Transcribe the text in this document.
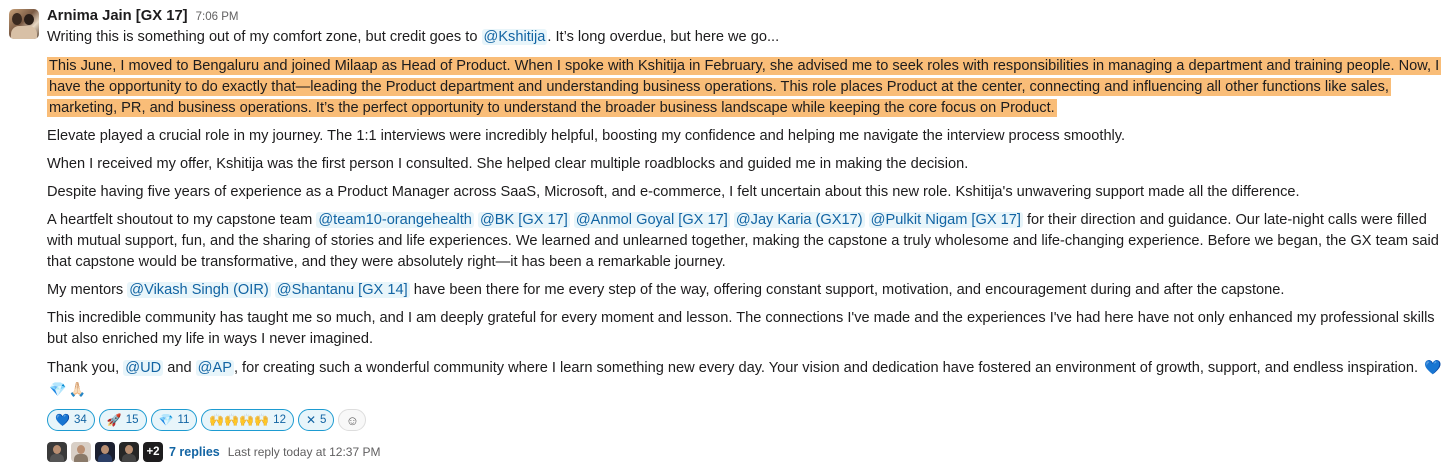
Arnima Jain [GX 17] 7:06 PM

Writing this is something out of my comfort zone, but credit goes to @Kshitija . It’s long overdue, but here we go...

This June, I moved to Bengaluru and joined Milaap as Head of Product. When I spoke with Kshitija in February, she advised me to seek roles with responsibilities in managing a department and training people. Now, I have the opportunity to do exactly that—leading the Product department and understanding business operations. This role places Product at the center, connecting and influencing all other functions like sales, marketing, PR, and business operations. It’s the perfect opportunity to understand the broader business landscape while keeping the core focus on Product.

Elevate played a crucial role in my journey. The 1:1 interviews were incredibly helpful, boosting my confidence and helping me navigate the interview process smoothly.

When I received my offer, Kshitija was the first person I consulted. She helped clear multiple roadblocks and guided me in making the decision.

Despite having five years of experience as a Product Manager across SaaS, Microsoft, and e-commerce, I felt uncertain about this new role. Kshitija's unwavering support made all the difference.

A heartfelt shoutout to my capstone team @team10-orangehealth @BK [GX 17] @Anmol Goyal [GX 17] @Jay Karia (GX17) @Pulkit Nigam [GX 17] for their direction and guidance. Our late-night calls were filled with mutual support, fun, and the sharing of stories and life experiences. We learned and unlearned together, making the capstone a truly wholesome and life-changing experience. Before we began, the GX team said that capstone would be transformative, and they were absolutely right—it has been a remarkable journey.

My mentors @Vikash Singh (OIR) @Shantanu [GX 14] have been there for me every step of the way, offering constant support, motivation, and encouragement during and after the capstone.

This incredible community has taught me so much, and I am deeply grateful for every moment and lesson. The connections I've made and the experiences I've had here have not only enhanced my professional skills but also enriched my life in ways I never imagined.

Thank you, @UD and @AP , for creating such a wonderful community where I learn something new every day. Your vision and dedication have fostered an environment of growth, support, and endless inspiration. 💙💎 🙏🏻

💙 34 🚀 15 💎 11 🙌🙌🙌🙌 12 ✕ 5 ☺
+2 7 replies Last reply today at 12:37 PM
